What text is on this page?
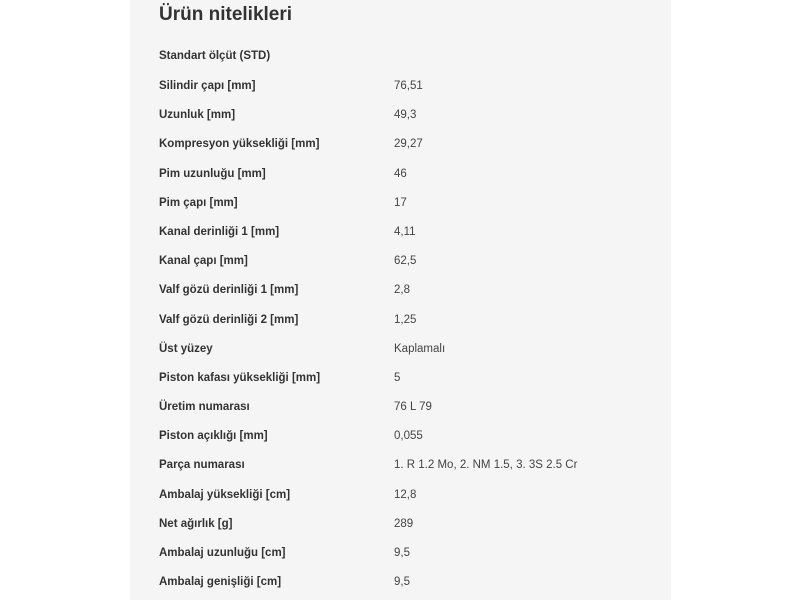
Ürün nitelikleri
Standart ölçüt (STD)
Silindir çapı [mm]	76,51
Uzunluk [mm]	49,3
Kompresyon yüksekliği [mm]	29,27
Pim uzunluğu [mm]	46
Pim çapı [mm]	17
Kanal derinliği 1 [mm]	4,11
Kanal çapı [mm]	62,5
Valf gözü derinliği 1 [mm]	2,8
Valf gözü derinliği 2 [mm]	1,25
Üst yüzey	Kaplamalı
Piston kafası yüksekliği [mm]	5
Üretim numarası	76 L 79
Piston açıklığı [mm]	0,055
Parça numarası	1. R 1.2 Mo, 2. NM 1.5, 3. 3S 2.5 Cr
Ambalaj yüksekliği [cm]	12,8
Net ağırlık [g]	289
Ambalaj uzunluğu [cm]	9,5
Ambalaj genişliği [cm]	9,5
